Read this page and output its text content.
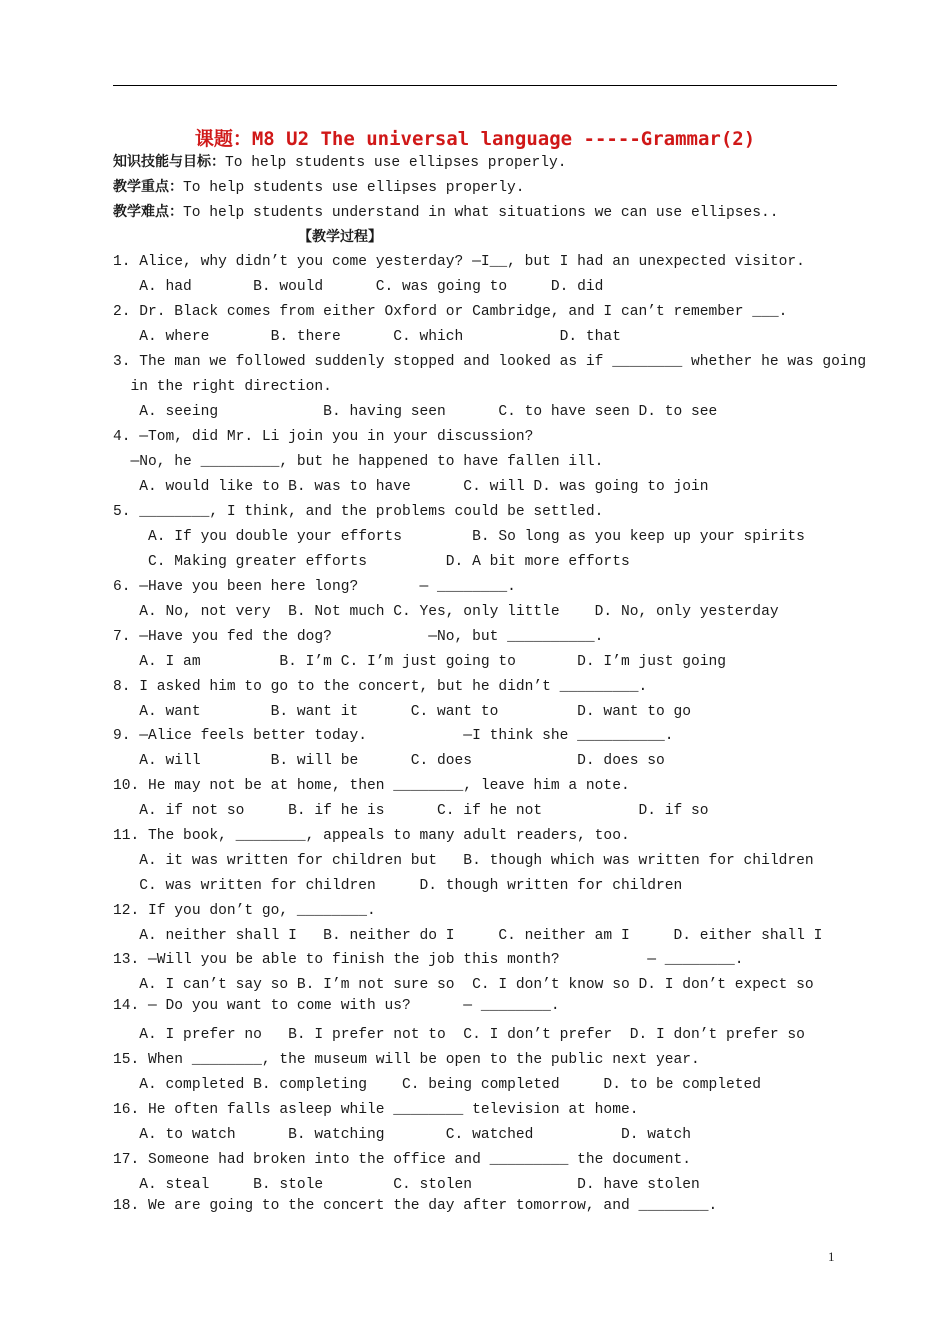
课题：M8 U2 The universal language -----Grammar(2)
知识技能与目标：To help students use ellipses properly.
教学重点：To help students use ellipses properly.
教学难点：To help students understand in what situations we can use ellipses..
【教学过程】
1. Alice, why didn’t you come yesterday? —I__, but I had an unexpected visitor.
A. had       B. would      C. was going to     D. did
2. Dr. Black comes from either Oxford or Cambridge, and I can’t remember ___.
A. where       B. there      C. which           D. that
3. The man we followed suddenly stopped and looked as if ________ whether he was going
in the right direction.
A. seeing            B. having seen      C. to have seen D. to see
4. —Tom, did Mr. Li join you in your discussion?
—No, he _________, but he happened to have fallen ill.
A. would like to B. was to have      C. will D. was going to join
5. ________, I think, and the problems could be settled.
A. If you double your efforts        B. So long as you keep up your spirits
C. Making greater efforts         D. A bit more efforts
6. —Have you been here long?       — ________.
A. No, not very  B. Not much C. Yes, only little    D. No, only yesterday
7. —Have you fed the dog?           —No, but __________.
A. I am         B. I’m C. I’m just going to       D. I’m just going
8. I asked him to go to the concert, but he didn’t _________.
A. want        B. want it      C. want to         D. want to go
9. —Alice feels better today.           —I think she __________.
A. will        B. will be      C. does            D. does so
10. He may not be at home, then ________, leave him a note.
A. if not so     B. if he is      C. if he not           D. if so
11. The book, ________, appeals to many adult readers, too.
A. it was written for children but   B. though which was written for children
C. was written for children     D. though written for children
12. If you don’t go, ________.
A. neither shall I   B. neither do I     C. neither am I     D. either shall I
13. —Will you be able to finish the job this month?          — ________.
A. I can’t say so B. I’m not sure so  C. I don’t know so D. I don’t expect so
14. — Do you want to come with us?      — ________.
A. I prefer no   B. I prefer not to  C. I don’t prefer  D. I don’t prefer so
15. When ________, the museum will be open to the public next year.
A. completed B. completing    C. being completed     D. to be completed
16. He often falls asleep while ________ television at home.
A. to watch      B. watching       C. watched          D. watch
17. Someone had broken into the office and _________ the document.
A. steal     B. stole        C. stolen            D. have stolen
18. We are going to the concert the day after tomorrow, and ________.
1
